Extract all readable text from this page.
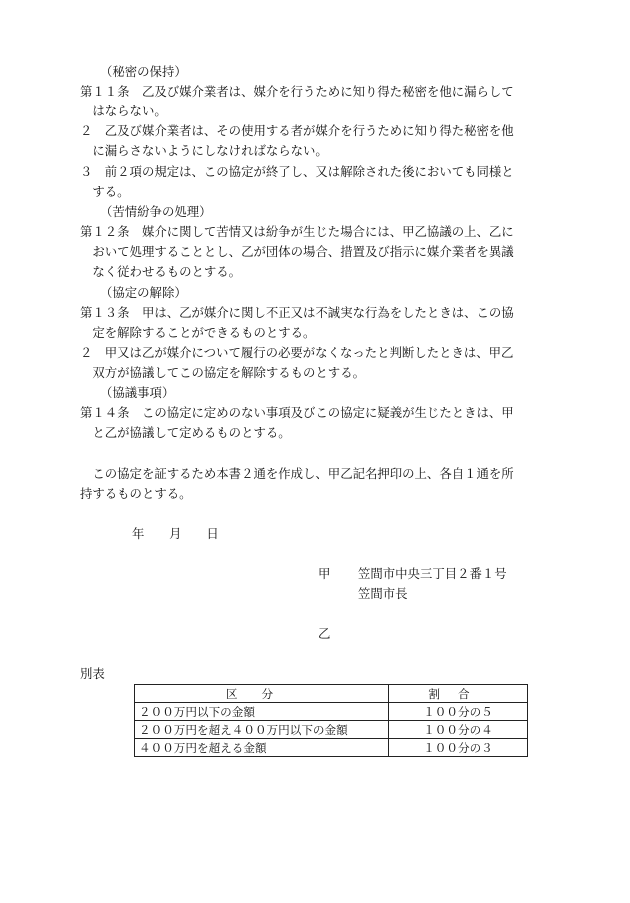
（秘密の保持）
第１１条　乙及び媒介業者は、媒介を行うために知り得た秘密を他に漏らして
　はならない。
２　乙及び媒介業者は、その使用する者が媒介を行うために知り得た秘密を他
　に漏らさないようにしなければならない。
３　前２項の規定は、この協定が終了し、又は解除された後においても同様と
　する。
（苦情紛争の処理）
第１２条　媒介に関して苦情又は紛争が生じた場合には、甲乙協議の上、乙に
　おいて処理することとし、乙が団体の場合、措置及び指示に媒介業者を異議
　なく従わせるものとする。
（協定の解除）
第１３条　甲は、乙が媒介に関し不正又は不誠実な行為をしたときは、この協
　定を解除することができるものとする。
２　甲又は乙が媒介について履行の必要がなくなったと判断したときは、甲乙
　双方が協議してこの協定を解除するものとする。
（協議事項）
第１４条　この協定に定めのない事項及びこの協定に疑義が生じたときは、甲
　と乙が協議して定めるものとする。
　この協定を証するため本書２通を作成し、甲乙記名押印の上、各自１通を所
持するものとする。
年　　月　　日
甲 笠間市中央三丁目２番１号
笠間市長
乙
別表
区分	割合
２００万円以下の金額	１００分の５
２００万円を超え４００万円以下の金額	１００分の４
４００万円を超える金額	１００分の３
